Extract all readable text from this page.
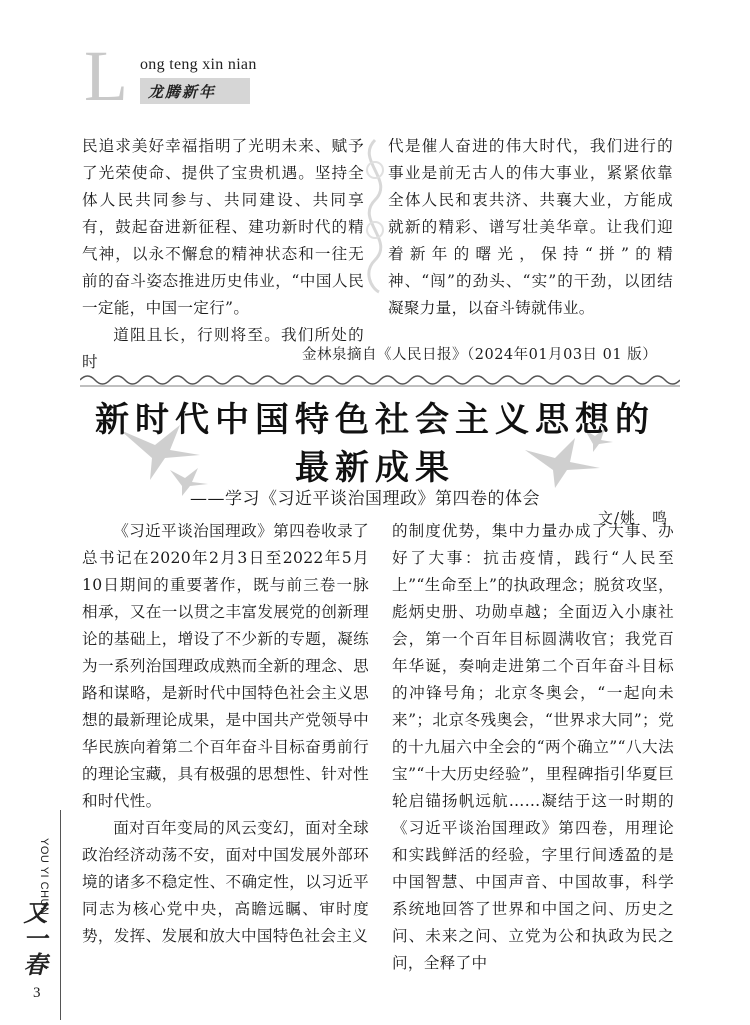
L ong teng xin nian
龙腾新年

民追求美好幸福指明了光明未来、赋予了光荣使命、提供了宝贵机遇。坚持全体人民共同参与、共同建设、共同享有，鼓起奋进新征程、建功新时代的精气神，以永不懈怠的精神状态和一往无前的奋斗姿态推进历史伟业，“中国人民一定能，中国一定行”。

道阻且长，行则将至。我们所处的时

代是催人奋进的伟大时代，我们进行的事业是前无古人的伟大事业，紧紧依靠全体人民和衷共济、共襄大业，方能成就新的精彩、谱写壮美华章。让我们迎着新年的曙光，保持“拼”的精神、“闯”的劲头、“实”的干劲，以团结凝聚力量，以奋斗铸就伟业。

金林泉摘自《人民日报》（2024年01月03日 01 版）
新时代中国特色社会主义思想的
最新成果
——学习《习近平谈治国理政》第四卷的体会
文/姚　鸣

《习近平谈治国理政》第四卷收录了总书记在2020年2月3日至2022年5月10日期间的重要著作，既与前三卷一脉相承，又在一以贯之丰富发展党的创新理论的基础上，增设了不少新的专题，凝练为一系列治国理政成熟而全新的理念、思路和谋略，是新时代中国特色社会主义思想的最新理论成果，是中国共产党领导中华民族向着第二个百年奋斗目标奋勇前行的理论宝藏，具有极强的思想性、针对性和时代性。

面对百年变局的风云变幻，面对全球政治经济动荡不安，面对中国发展外部环境的诸多不稳定性、不确定性，以习近平同志为核心党中央，高瞻远瞩、审时度势，发挥、发展和放大中国特色社会主义

的制度优势，集中力量办成了大事、办好了大事：抗击疫情，践行“人民至上”“生命至上”的执政理念；脱贫攻坚，彪炳史册、功勋卓越；全面迈入小康社会，第一个百年目标圆满收官；我党百年华诞，奏响走进第二个百年奋斗目标的冲锋号角；北京冬奥会，“一起向未来”；北京冬残奥会，“世界求大同”；党的十九届六中全会的“两个确立”“八大法宝”“十大历史经验”，里程碑指引华夏巨轮启锚扬帆远航……凝结于这一时期的《习近平谈治国理政》第四卷，用理论和实践鲜活的经验，字里行间透盈的是中国智慧、中国声音、中国故事，科学系统地回答了世界和中国之问、历史之问、未来之问、立党为公和执政为民之问，全释了中

YOU YI CHUN
又一春
3
